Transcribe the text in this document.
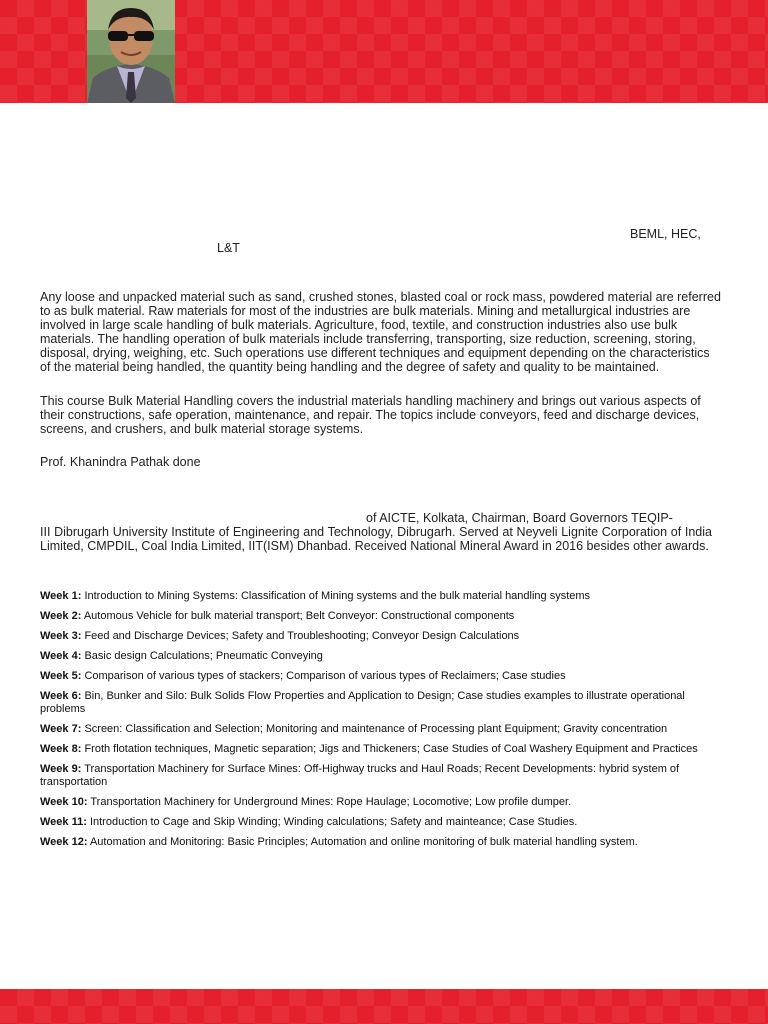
BEML, HEC,
L&T

Any loose and unpacked material such as sand, crushed stones, blasted coal or rock mass, powdered material are referred to as bulk material. Raw materials for most of the industries are bulk materials. Mining and metallurgical industries are involved in large scale handling of bulk materials. Agriculture, food, textile, and construction industries also use bulk materials. The handling operation of bulk materials include transferring, transporting, size reduction, screening, storing, disposal, drying, weighing, etc. Such operations use different techniques and equipment depending on the characteristics of the material being handled, the quantity being handling and the degree of safety and quality to be maintained.

This course Bulk Material Handling covers the industrial materials handling machinery and brings out various aspects of their constructions, safe operation, maintenance, and repair. The topics include conveyors, feed and discharge devices, screens, and crushers, and bulk material storage systems.

Prof. Khanindra Pathak done
of AICTE, Kolkata, Chairman, Board Governors TEQIP-

III Dibrugarh University Institute of Engineering and Technology, Dibrugarh. Served at Neyveli Lignite Corporation of India Limited, CMPDIL, Coal India Limited, IIT(ISM) Dhanbad. Received National Mineral Award in 2016 besides other awards.

Week 1: Introduction to Mining Systems: Classification of Mining systems and the bulk material handling systems
Week 2: Automous Vehicle for bulk material transport; Belt Conveyor: Constructional components
Week 3: Feed and Discharge Devices; Safety and Troubleshooting; Conveyor Design Calculations
Week 4: Basic design Calculations; Pneumatic Conveying
Week 5: Comparison of various types of stackers; Comparison of various types of Reclaimers; Case studies
Week 6: Bin, Bunker and Silo: Bulk Solids Flow Properties and Application to Design; Case studies examples to illustrate operational problems
Week 7: Screen: Classification and Selection; Monitoring and maintenance of Processing plant Equipment; Gravity concentration
Week 8: Froth flotation techniques, Magnetic separation; Jigs and Thickeners; Case Studies of Coal Washery Equipment and Practices
Week 9: Transportation Machinery for Surface Mines: Off-Highway trucks and Haul Roads; Recent Developments: hybrid system of transportation
Week 10: Transportation Machinery for Underground Mines: Rope Haulage; Locomotive; Low profile dumper.
Week 11: Introduction to Cage and Skip Winding; Winding calculations; Safety and mainteance; Case Studies.
Week 12: Automation and Monitoring: Basic Principles; Automation and online monitoring of bulk material handling system.
